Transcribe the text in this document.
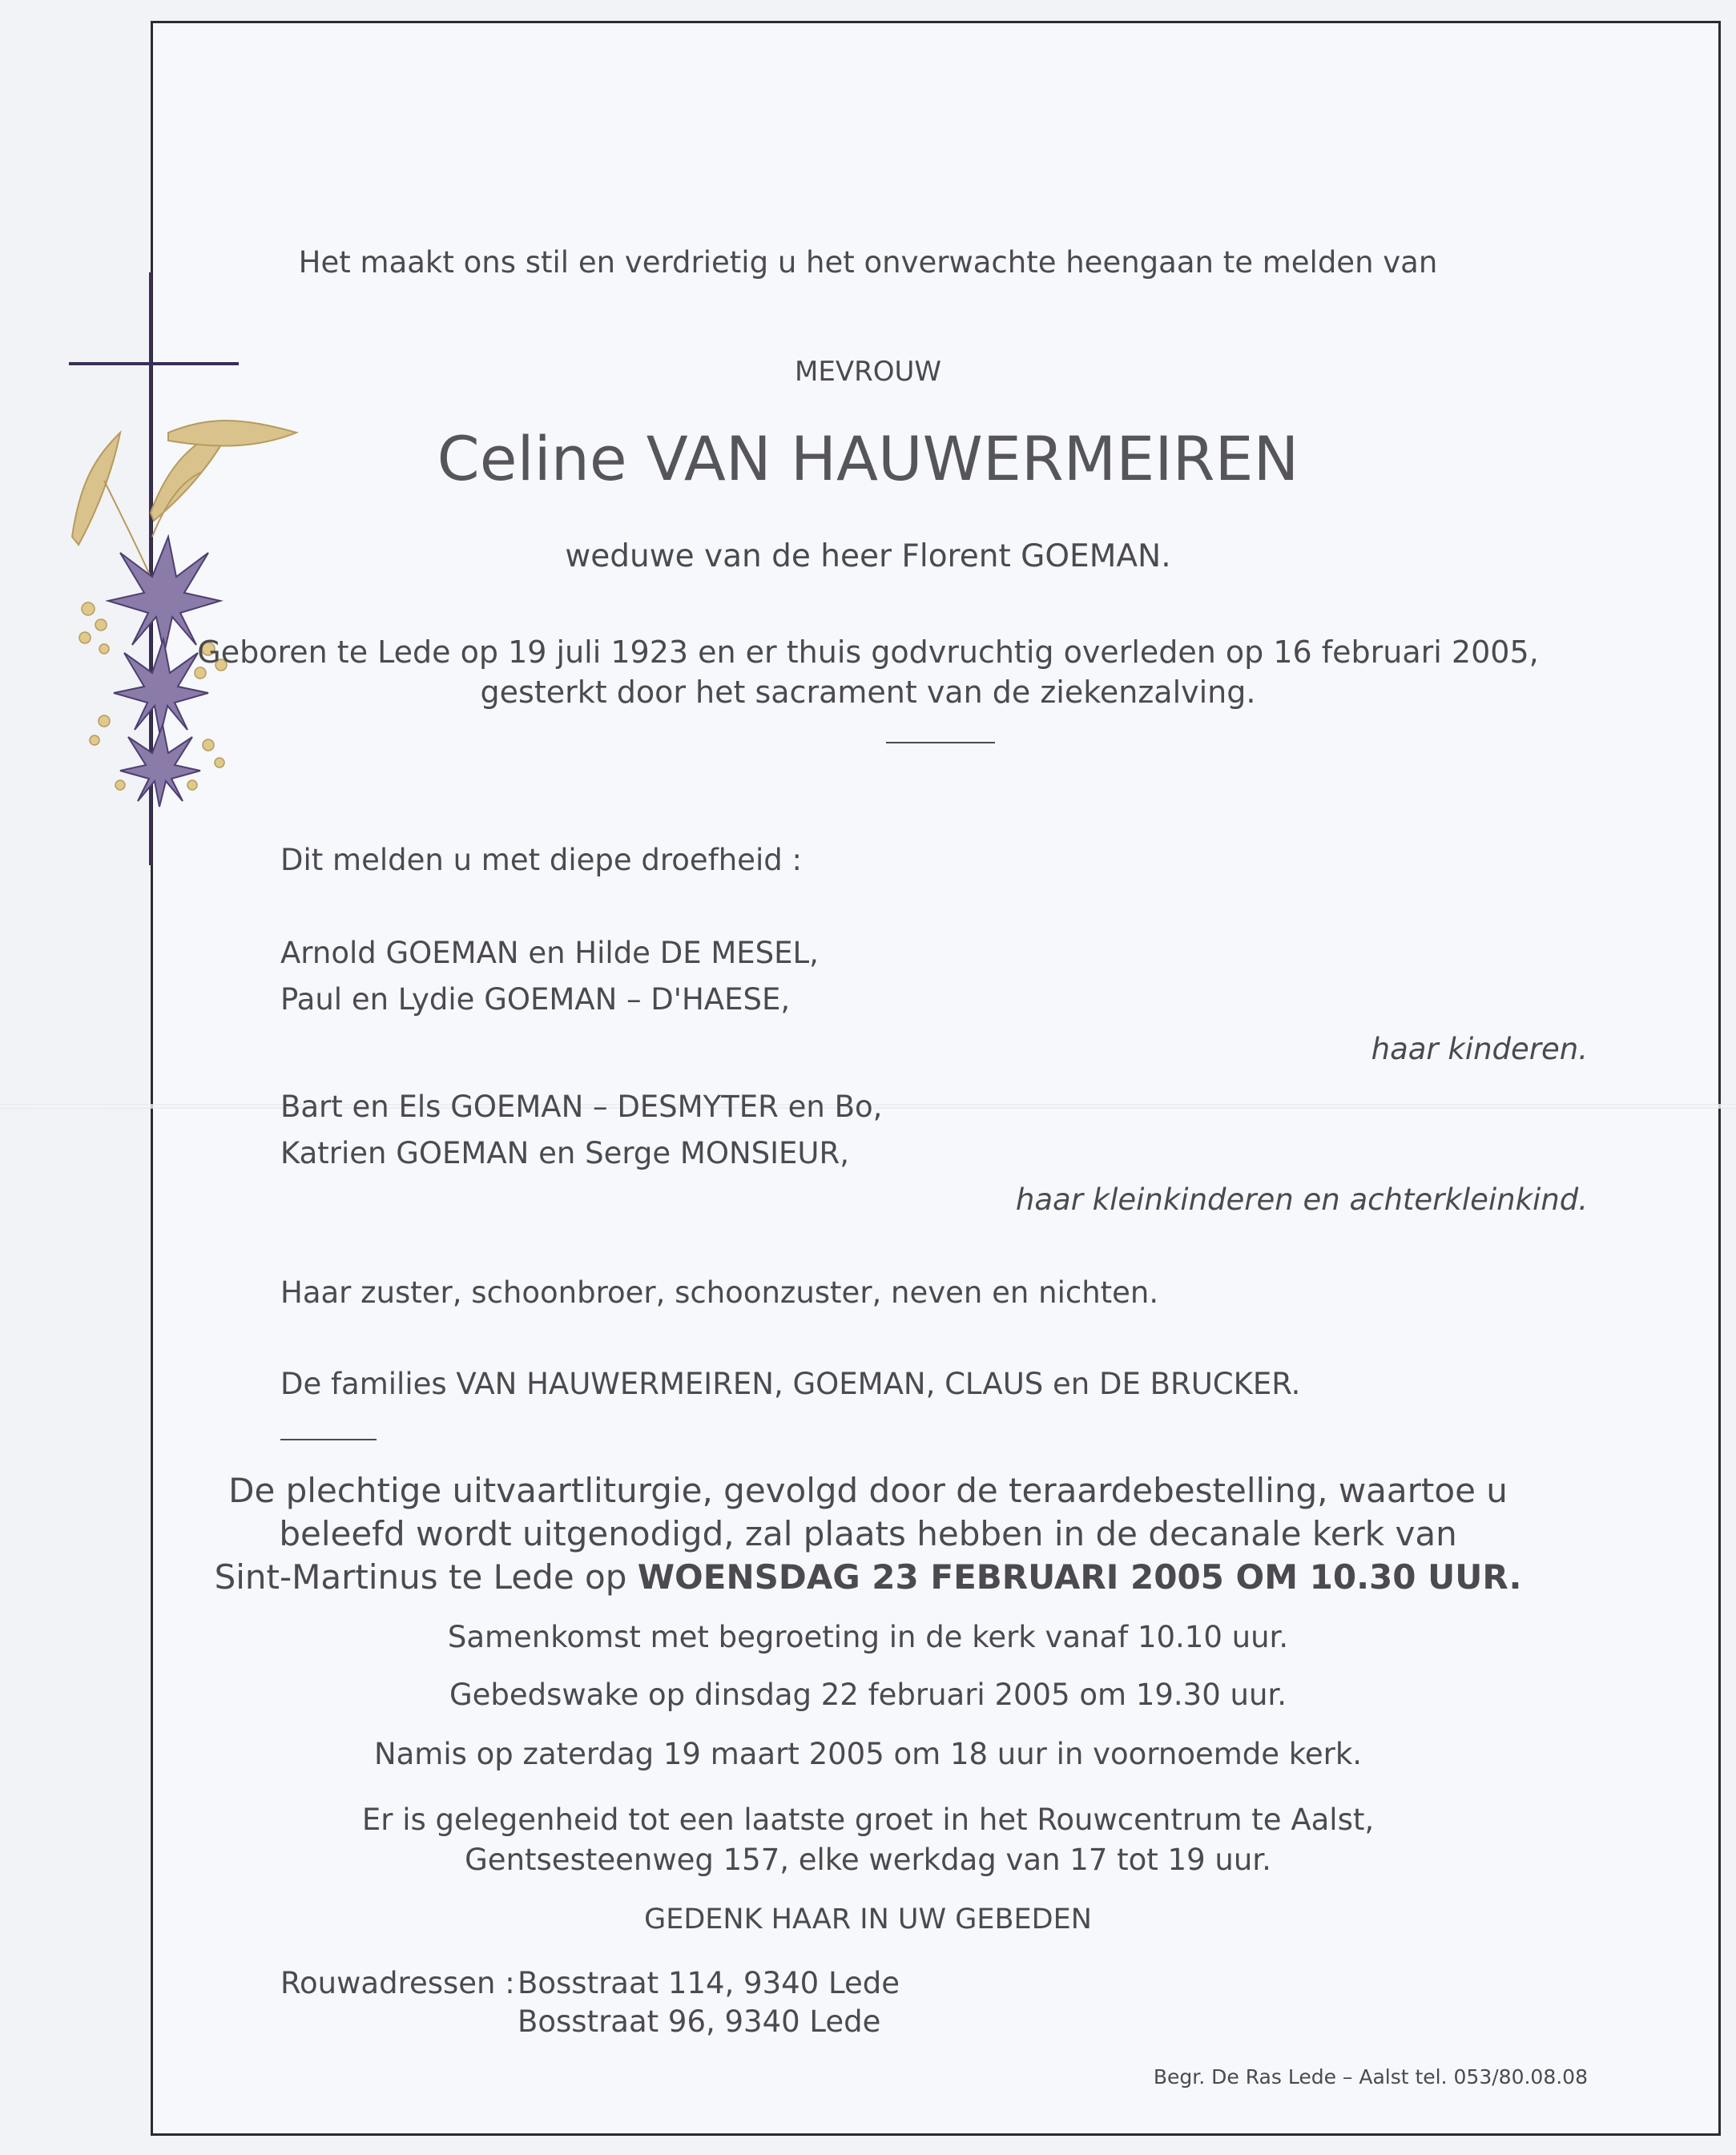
Het maakt ons stil en verdrietig u het onverwachte heengaan te melden van

MEVROUW

Celine VAN HAUWERMEIREN

weduwe van de heer Florent GOEMAN.

Geboren te Lede op 19 juli 1923 en er thuis godvruchtig overleden op 16 februari 2005,

gesterkt door het sacrament van de ziekenzalving.

Dit melden u met diepe droefheid :

Arnold GOEMAN en Hilde DE MESEL,

Paul en Lydie GOEMAN – D'HAESE,

haar kinderen.

Bart en Els GOEMAN – DESMYTER en Bo,

Katrien GOEMAN en Serge MONSIEUR,

haar kleinkinderen en achterkleinkind.

Haar zuster, schoonbroer, schoonzuster, neven en nichten.

De families VAN HAUWERMEIREN, GOEMAN, CLAUS en DE BRUCKER.

De plechtige uitvaartliturgie, gevolgd door de teraardebestelling, waartoe u

beleefd wordt uitgenodigd, zal plaats hebben in de decanale kerk van

Sint-Martinus te Lede op WOENSDAG 23 FEBRUARI 2005 OM 10.30 UUR.

Samenkomst met begroeting in de kerk vanaf 10.10 uur.

Gebedswake op dinsdag 22 februari 2005 om 19.30 uur.

Namis op zaterdag 19 maart 2005 om 18 uur in voornoemde kerk.

Er is gelegenheid tot een laatste groet in het Rouwcentrum te Aalst,

Gentsesteenweg 157, elke werkdag van 17 tot 19 uur.

GEDENK HAAR IN UW GEBEDEN

Rouwadressen : Bosstraat 114, 9340 Lede

Bosstraat 96, 9340 Lede

Begr. De Ras Lede – Aalst tel. 053/80.08.08
